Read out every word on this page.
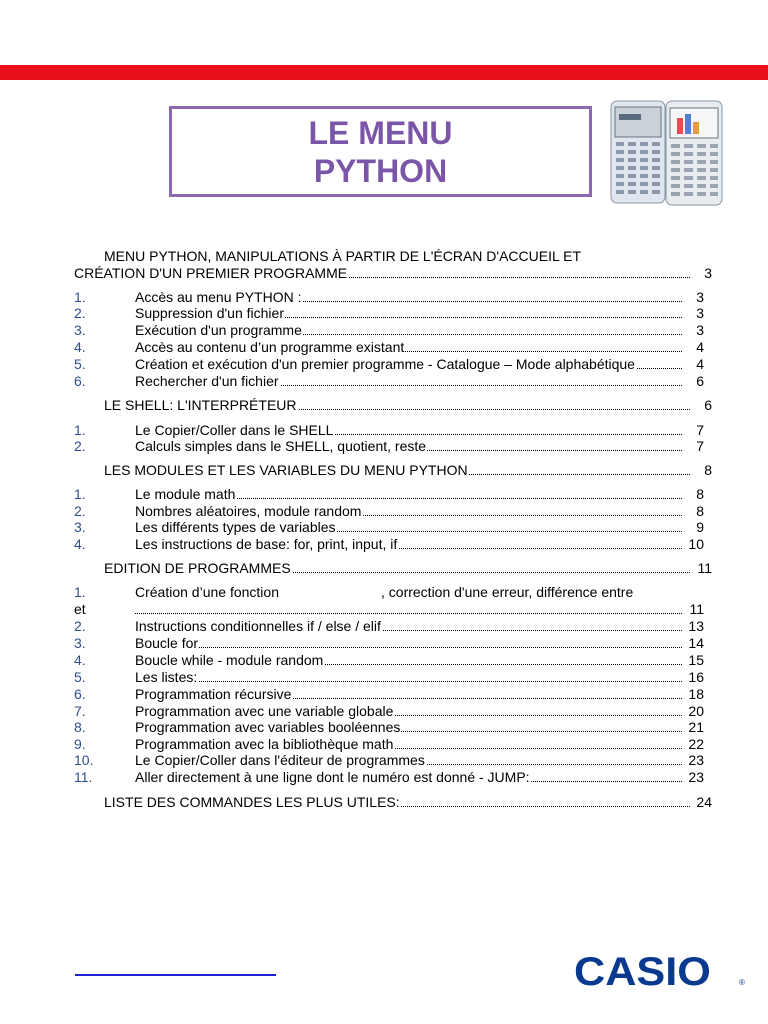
LE MENU
PYTHON
MENU PYTHON, MANIPULATIONS À PARTIR DE L'ÉCRAN D'ACCUEIL ET
CRÉATION D'UN PREMIER PROGRAMME	3
1.	Accès au menu PYTHON :	3
2.	Suppression d'un fichier	3
3.	Exécution d'un programme	3
4.	Accès au contenu d’un programme existant	4
5.	Création et exécution d'un premier programme - Catalogue – Mode alphabétique	4
6.	Rechercher d'un fichier	6
LE SHELL: L'INTERPRÉTEUR	6
1.	Le Copier/Coller dans le SHELL	7
2.	Calculs simples dans le SHELL, quotient, reste	7
LES MODULES ET LES VARIABLES DU MENU PYTHON	8
1.	Le module math	8
2.	Nombres aléatoires, module random	8
3.	Les différents types de variables	9
4.	Les instructions de base: for, print, input, if	10
EDITION DE PROGRAMMES	11
1.	Création d’une fonction	, correction d'une erreur, différence entre
et	11
2.	Instructions conditionnelles if / else / elif	13
3.	Boucle for	14
4.	Boucle while - module random	15
5.	Les listes:	16
6.	Programmation récursive	18
7.	Programmation avec une variable globale	20
8.	Programmation avec variables booléennes	21
9.	Programmation avec la bibliothèque math	22
10.	Le Copier/Coller dans l'éditeur de programmes	23
11.	Aller directement à une ligne dont le numéro est donné - JUMP:	23
LISTE DES COMMANDES LES PLUS UTILES:	24
CASIO	®
